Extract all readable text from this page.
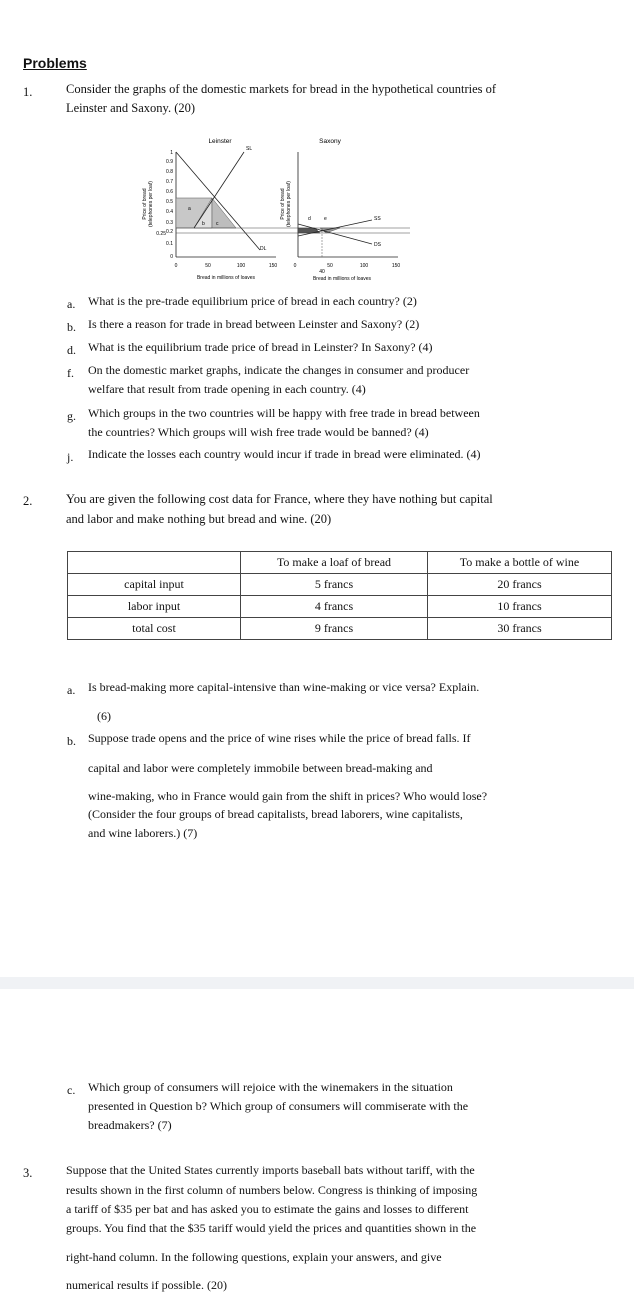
Problems
1.	Consider the graphs of the domestic markets for bread in the hypothetical countries of
Leinster and Saxony. (20)
Leinster
SL
DL
a
b c
1
0.9
0.8
0.7
0.6
0.5
0.4
0.3
0.25 0.2
0.1
0
Price of bread (telephones per loaf)
0	50	100	150
Bread in millions of loaves
Saxony
SS
DS
d	e
Price of bread (telephones per loaf)
0	50	100	150
40
Bread in millions of loaves
a. What is the pre-trade equilibrium price of bread in each country? (2)
b. Is there a reason for trade in bread between Leinster and Saxony? (2)
d. What is the equilibrium trade price of bread in Leinster? In Saxony? (4)
f. On the domestic market graphs, indicate the changes in consumer and producer
welfare that result from trade opening in each country. (4)
g. Which groups in the two countries will be happy with free trade in bread between
the countries? Which groups will wish free trade would be banned? (4)
j. Indicate the losses each country would incur if trade in bread were eliminated. (4)
2.	You are given the following cost data for France, where they have nothing but capital
and labor and make nothing but bread and wine. (20)
	To make a loaf of bread	To make a bottle of wine
capital input	5 francs	20 francs
labor input	4 francs	10 francs
total cost	9 francs	30 francs
a. Is bread-making more capital-intensive than wine-making or vice versa? Explain.
(6)
b. Suppose trade opens and the price of wine rises while the price of bread falls. If
capital and labor were completely immobile between bread-making and
wine-making, who in France would gain from the shift in prices? Who would lose?
(Consider the four groups of bread capitalists, bread laborers, wine capitalists,
and wine laborers.) (7)
c. Which group of consumers will rejoice with the winemakers in the situation
presented in Question b? Which group of consumers will commiserate with the
breadmakers? (7)
3.	Suppose that the United States currently imports baseball bats without tariff, with the
results shown in the first column of numbers below. Congress is thinking of imposing
a tariff of $35 per bat and has asked you to estimate the gains and losses to different
groups. You find that the $35 tariff would yield the prices and quantities shown in the
right-hand column. In the following questions, explain your answers, and give
numerical results if possible. (20)
